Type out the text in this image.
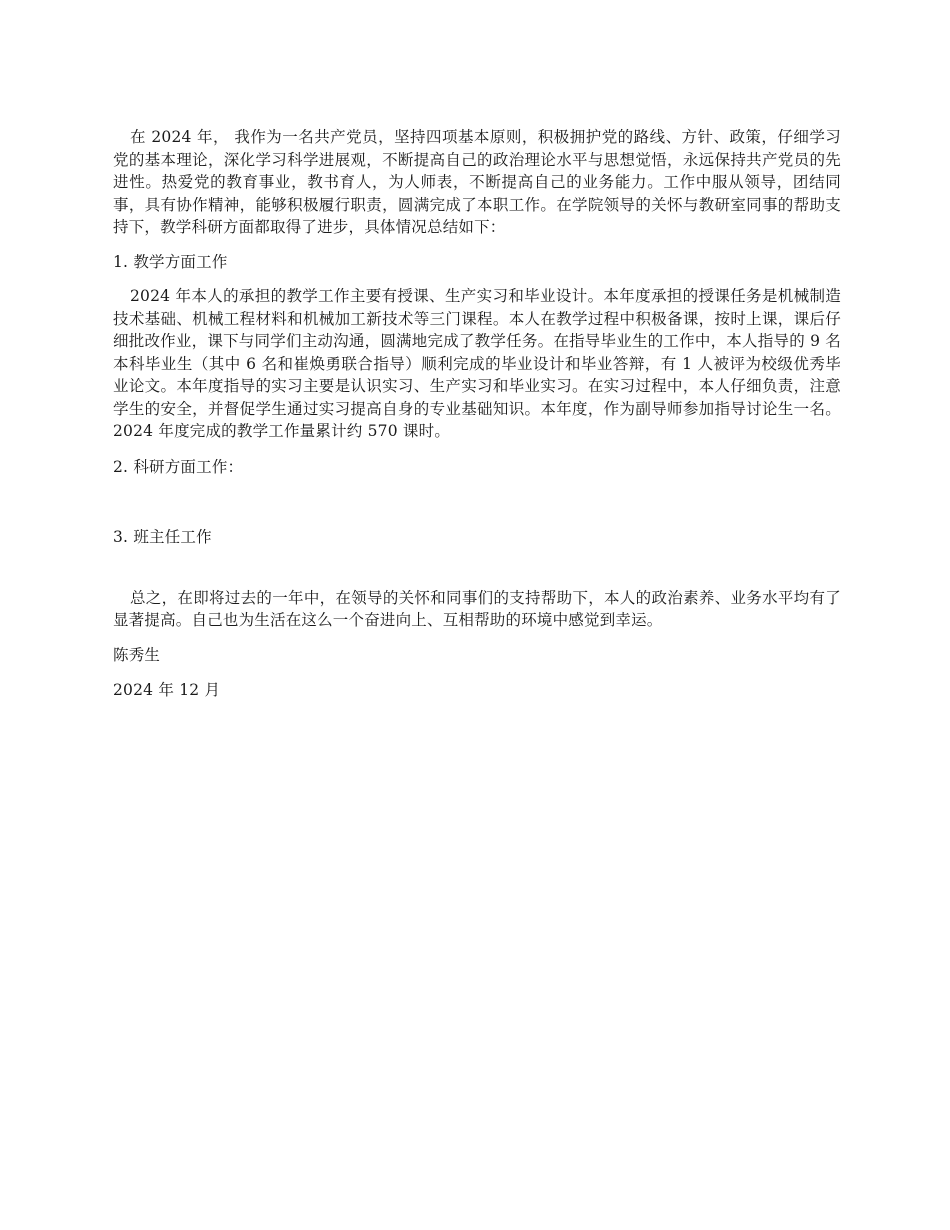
在 2024 年， 我作为一名共产党员，坚持四项基本原则，积极拥护党的路线、方针、政策，仔细学习党的基本理论，深化学习科学进展观，不断提高自己的政治理论水平与思想觉悟，永远保持共产党员的先进性。热爱党的教育事业，教书育人，为人师表，不断提高自己的业务能力。工作中服从领导，团结同事，具有协作精神，能够积极履行职责，圆满完成了本职工作。在学院领导的关怀与教研室同事的帮助支持下，教学科研方面都取得了进步，具体情况总结如下：

1. 教学方面工作

2024 年本人的承担的教学工作主要有授课、生产实习和毕业设计。本年度承担的授课任务是机械制造技术基础、机械工程材料和机械加工新技术等三门课程。本人在教学过程中积极备课，按时上课，课后仔细批改作业，课下与同学们主动沟通，圆满地完成了教学任务。在指导毕业生的工作中，本人指导的 9 名本科毕业生（其中 6 名和崔焕勇联合指导）顺利完成的毕业设计和毕业答辩，有 1 人被评为校级优秀毕业论文。本年度指导的实习主要是认识实习、生产实习和毕业实习。在实习过程中，本人仔细负责，注意学生的安全，并督促学生通过实习提高自身的专业基础知识。本年度，作为副导师参加指导讨论生一名。2024 年度完成的教学工作量累计约 570 课时。

2. 科研方面工作：

3. 班主任工作

总之，在即将过去的一年中，在领导的关怀和同事们的支持帮助下，本人的政治素养、业务水平均有了显著提高。自己也为生活在这么一个奋进向上、互相帮助的环境中感觉到幸运。

陈秀生

2024 年 12 月
